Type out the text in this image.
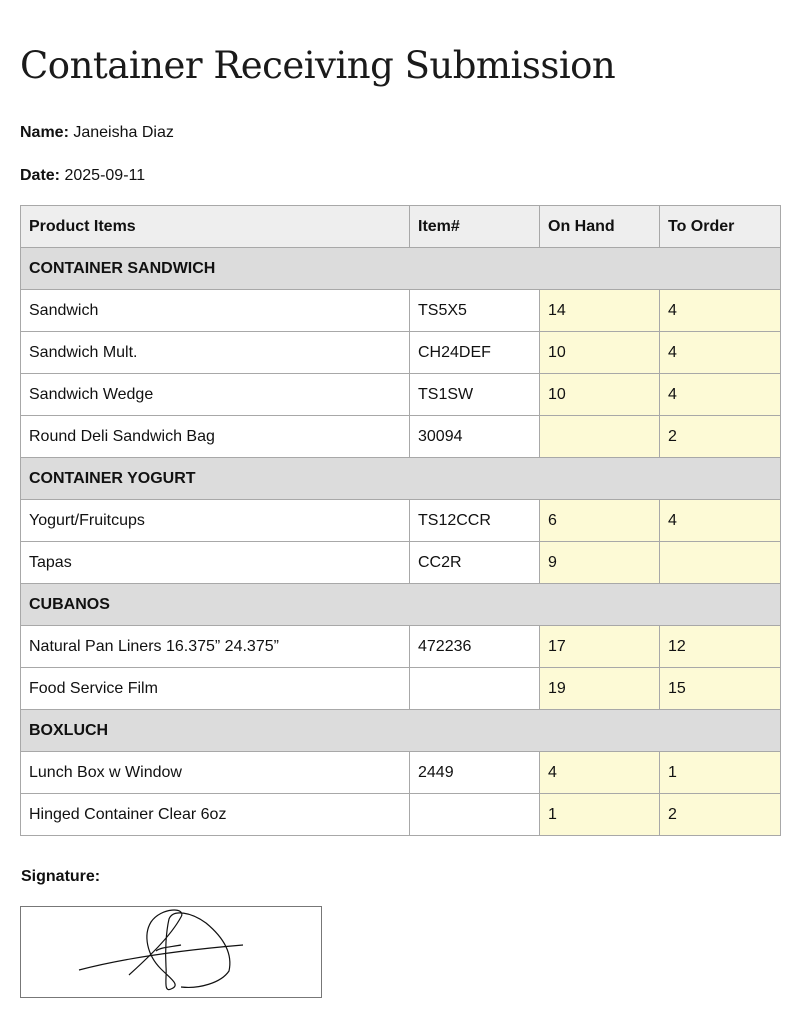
Container Receiving Submission
Name: Janeisha Diaz
Date: 2025-09-11
Product Items	Item#	On Hand	To Order
CONTAINER SANDWICH			
Sandwich	TS5X5	14	4
Sandwich Mult.	CH24DEF	10	4
Sandwich Wedge	TS1SW	10	4
Round Deli Sandwich Bag	30094		2
CONTAINER YOGURT			
Yogurt/Fruitcups	TS12CCR	6	4
Tapas	CC2R	9	
CUBANOS			
Natural Pan Liners 16.375” 24.375”	472236	17	12
Food Service Film		19	15
BOXLUCH			
Lunch Box w Window	2449	4	1
Hinged Container Clear 6oz		1	2
Signature:
